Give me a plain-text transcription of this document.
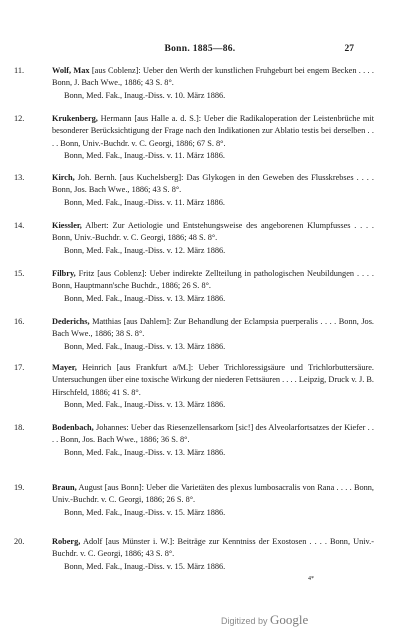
Bonn. 1885—86.	27
11.	Wolf, Max [aus Coblenz]: Ueber den Werth der kunstlichen Fruhgeburt bei engem Becken . . . . Bonn, J. Bach Wwe., 1886; 43 S. 8°.
Bonn, Med. Fak., Inaug.-Diss. v. 10. März 1886.
12.	Krukenberg, Hermann [aus Halle a. d. S.]: Ueber die Radikaloperation der Leistenbrüche mit besonderer Berücksichtigung der Frage nach den Indikationen zur Ablatio testis bei derselben . . . . Bonn, Univ.-Buchdr. v. C. Georgi, 1886; 67 S. 8°.
Bonn, Med. Fak., Inaug.-Diss. v. 11. März 1886.
13.	Kirch, Joh. Bernh. [aus Kuchelsberg]: Das Glykogen in den Geweben des Flusskrebses . . . . Bonn, Jos. Bach Wwe., 1886; 43 S. 8°.
Bonn, Med. Fak., Inaug.-Diss. v. 11. März 1886.
14.	Kiessler, Albert: Zur Aetiologie und Entstehungsweise des angeborenen Klumpfusses . . . . Bonn, Univ.-Buchdr. v. C. Georgi, 1886; 48 S. 8°.
Bonn, Med. Fak., Inaug.-Diss. v. 12. März 1886.
15.	Filbry, Fritz [aus Coblenz]: Ueber indirekte Zellteilung in pathologischen Neubildungen . . . . Bonn, Hauptmann'sche Buchdr., 1886; 26 S. 8°.
Bonn, Med. Fak., Inaug.-Diss. v. 13. März 1886.
16.	Dederichs, Matthias [aus Dahlem]: Zur Behandlung der Eclampsia puerperalis . . . . Bonn, Jos. Bach Wwe., 1886; 38 S. 8°.
Bonn, Med. Fak., Inaug.-Diss. v. 13. März 1886.
17.	Mayer, Heinrich [aus Frankfurt a/M.]: Ueber Trichloressigsäure und Trichlorbuttersäure. Untersuchungen über eine toxische Wirkung der niederen Fettsäuren . . . . Leipzig, Druck v. J. B. Hirschfeld, 1886; 41 S. 8°.
Bonn, Med. Fak., Inaug.-Diss. v. 13. März 1886.
18.	Bodenbach, Johannes: Ueber das Riesenzellensarkom [sic!] des Alveolarfortsatzes der Kiefer . . . . Bonn, Jos. Bach Wwe., 1886; 36 S. 8°.
Bonn, Med. Fak., Inaug.-Diss. v. 13. März 1886.
19.	Braun, August [aus Bonn]: Ueber die Varietäten des plexus lumbosacralis von Rana . . . . Bonn, Univ.-Buchdr. v. C. Georgi, 1886; 26 S. 8°.
Bonn, Med. Fak., Inaug.-Diss. v. 15. März 1886.
20.	Roberg, Adolf [aus Münster i. W.]: Beiträge zur Kenntniss der Exostosen . . . . Bonn, Univ.-Buchdr. v. C. Georgi, 1886; 43 S. 8°.
Bonn, Med. Fak., Inaug.-Diss. v. 15. März 1886.
4*
Digitized by Google
